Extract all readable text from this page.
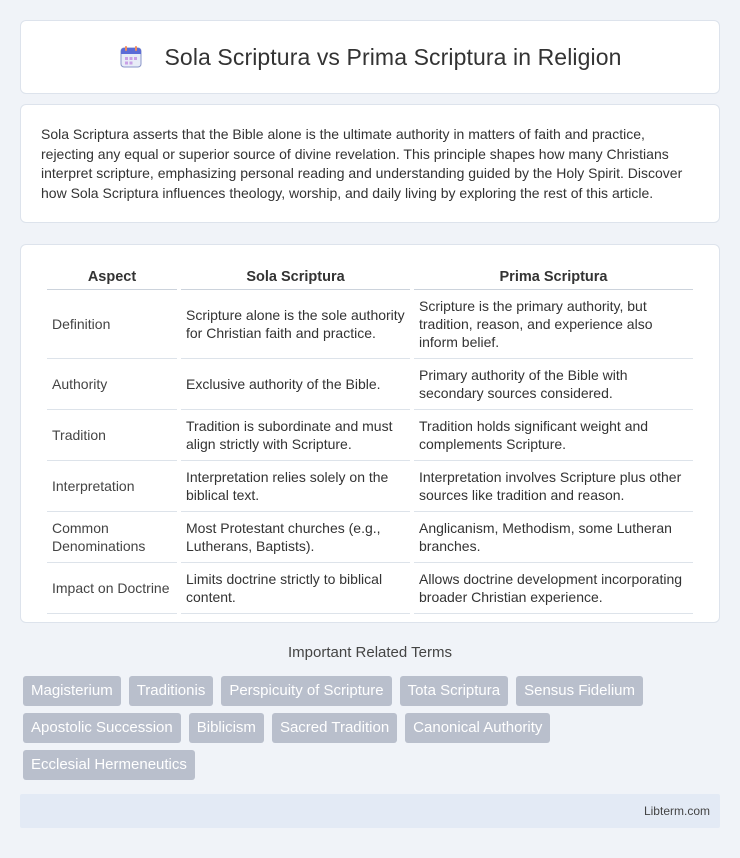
Sola Scriptura vs Prima Scriptura in Religion

Sola Scriptura asserts that the Bible alone is the ultimate authority in matters of faith and practice, rejecting any equal or superior source of divine revelation. This principle shapes how many Christians interpret scripture, emphasizing personal reading and understanding guided by the Holy Spirit. Discover how Sola Scriptura influences theology, worship, and daily living by exploring the rest of this article.

Aspect	Sola Scriptura	Prima Scriptura
Definition	Scripture alone is the sole authority for Christian faith and practice.	Scripture is the primary authority, but tradition, reason, and experience also inform belief.
Authority	Exclusive authority of the Bible.	Primary authority of the Bible with secondary sources considered.
Tradition	Tradition is subordinate and must align strictly with Scripture.	Tradition holds significant weight and complements Scripture.
Interpretation	Interpretation relies solely on the biblical text.	Interpretation involves Scripture plus other sources like tradition and reason.
Common Denominations	Most Protestant churches (e.g., Lutherans, Baptists).	Anglicanism, Methodism, some Lutheran branches.
Impact on Doctrine	Limits doctrine strictly to biblical content.	Allows doctrine development incorporating broader Christian experience.
Important Related Terms
Magisterium	Traditionis	Perspicuity of Scripture	Tota Scriptura	Sensus Fidelium
Apostolic Succession	Biblicism	Sacred Tradition	Canonical Authority
Ecclesial Hermeneutics
Libterm.com
